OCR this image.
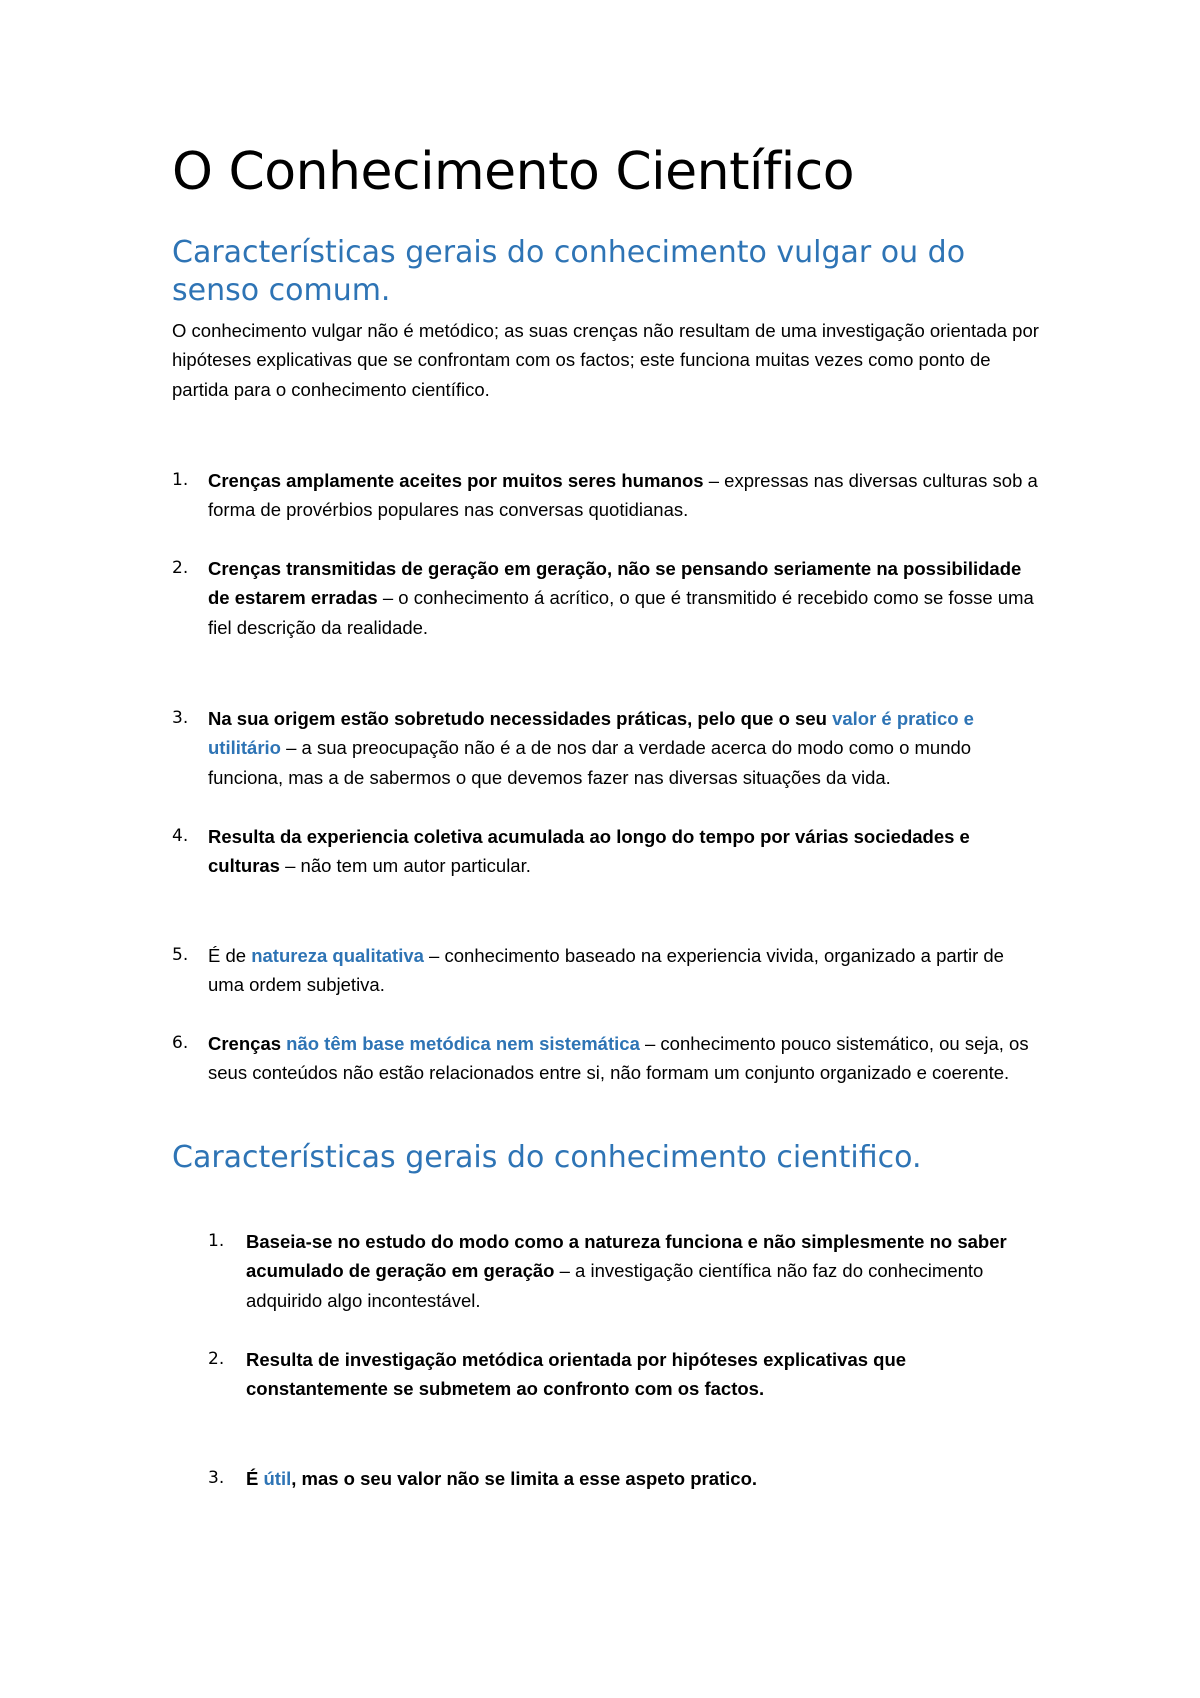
O Conhecimento Científico
Características gerais do conhecimento vulgar ou do senso comum.

O conhecimento vulgar não é metódico; as suas crenças não resultam de uma investigação orientada por hipóteses explicativas que se confrontam com os factos; este funciona muitas vezes como ponto de partida para o conhecimento científico.

1. Crenças amplamente aceites por muitos seres humanos – expressas nas diversas culturas sob a forma de provérbios populares nas conversas quotidianas.
2. Crenças transmitidas de geração em geração, não se pensando seriamente na possibilidade de estarem erradas – o conhecimento á acrítico, o que é transmitido é recebido como se fosse uma fiel descrição da realidade.
3. Na sua origem estão sobretudo necessidades práticas, pelo que o seu valor é pratico e utilitário – a sua preocupação não é a de nos dar a verdade acerca do modo como o mundo funciona, mas a de sabermos o que devemos fazer nas diversas situações da vida.
4. Resulta da experiencia coletiva acumulada ao longo do tempo por várias sociedades e culturas – não tem um autor particular.
5. É de natureza qualitativa – conhecimento baseado na experiencia vivida, organizado a partir de uma ordem subjetiva.
6. Crenças não têm base metódica nem sistemática – conhecimento pouco sistemático, ou seja, os seus conteúdos não estão relacionados entre si, não formam um conjunto organizado e coerente.
Características gerais do conhecimento cientifico.
1. Baseia-se no estudo do modo como a natureza funciona e não simplesmente no saber acumulado de geração em geração – a investigação científica não faz do conhecimento adquirido algo incontestável.
2. Resulta de investigação metódica orientada por hipóteses explicativas que constantemente se submetem ao confronto com os factos.
3. É útil, mas o seu valor não se limita a esse aspeto pratico.
